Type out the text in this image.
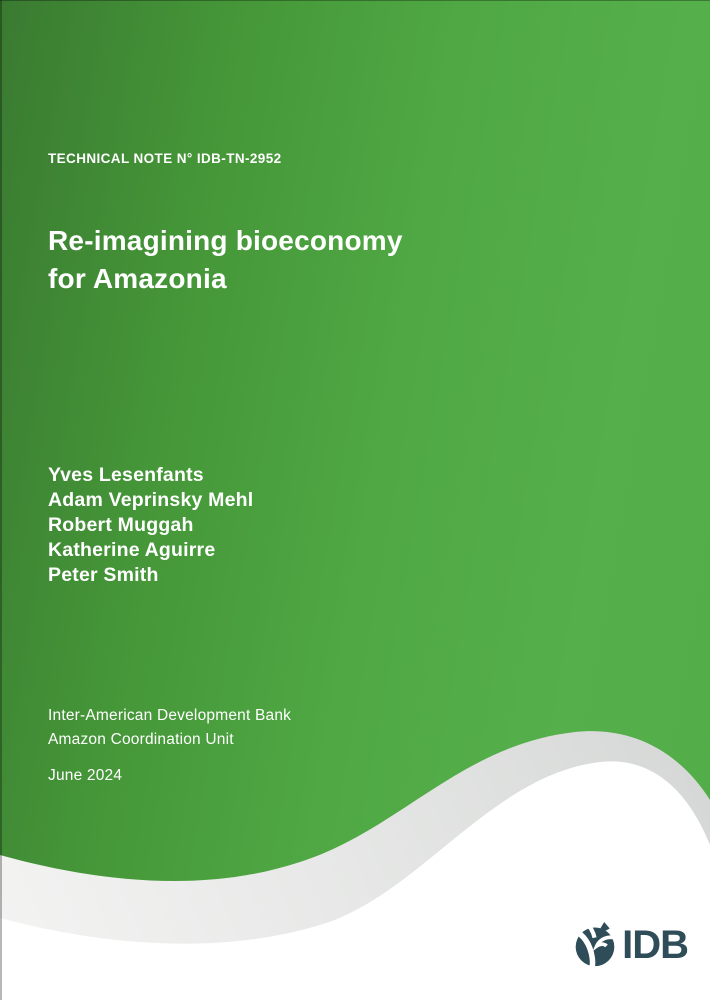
TECHNICAL NOTE N° IDB-TN-2952
Re-imagining bioeconomy
for Amazonia
Yves Lesenfants
Adam Veprinsky Mehl
Robert Muggah
Katherine Aguirre
Peter Smith
Inter-American Development Bank
Amazon Coordination Unit
June 2024
IDB
